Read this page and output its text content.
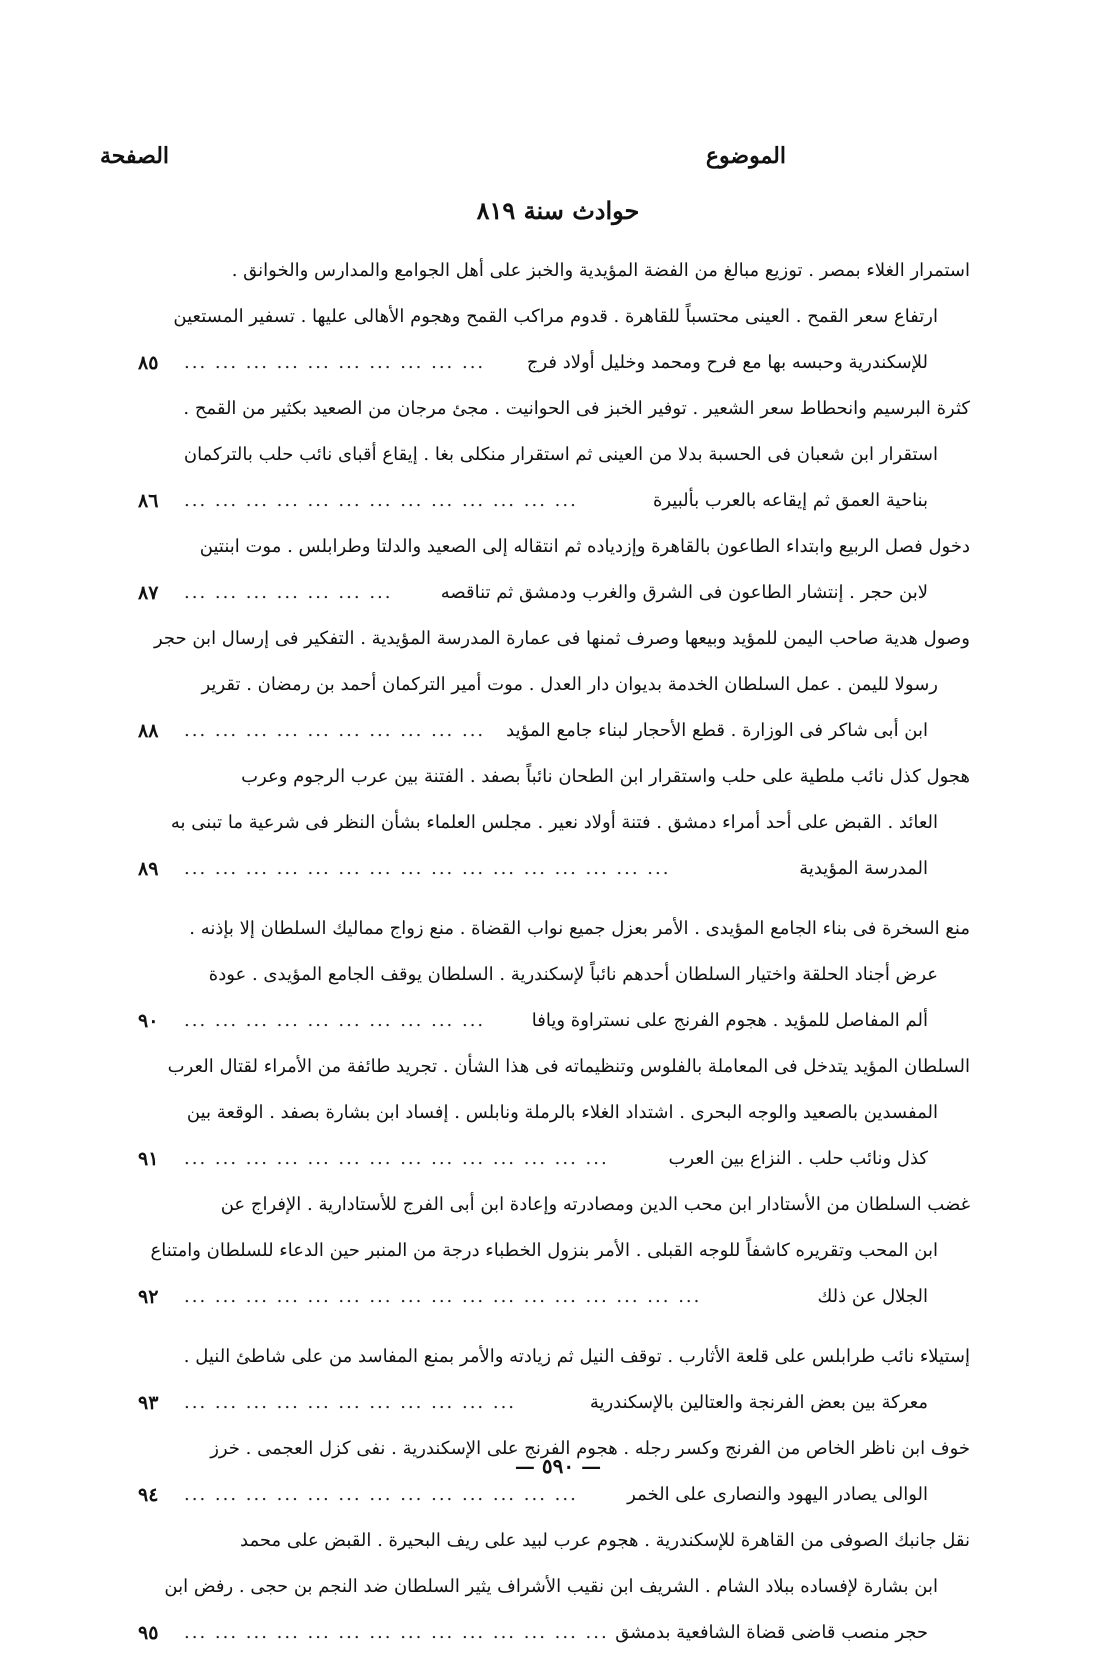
الموضوع
الصفحة
حوادث سنة ٨١٩
استمرار الغلاء بمصر . توزيع مبالغ من الفضة المؤيدية والخبز على أهل الجوامع والمدارس والخوانق .
ارتفاع سعر القمح . العينى محتسباً للقاهرة . قدوم مراكب القمح وهجوم الأهالى عليها . تسفير المستعين
للإسكندرية وحبسه بها مع فرح ومحمد وخليل أولاد فرج
... ... ... ... ... ... ... ... ... ...
٨٥
كثرة البرسيم وانحطاط سعر الشعير . توفير الخبز فى الحوانيت . مجئ مرجان من الصعيد بكثير من القمح .
استقرار ابن شعبان فى الحسبة بدلا من العينى ثم استقرار منكلى بغا . إيقاع أقباى نائب حلب بالتركمان
بناحية العمق ثم إيقاعه بالعرب بألبيرة
... ... ... ... ... ... ... ... ... ... ... ... ...
٨٦
دخول فصل الربيع وابتداء الطاعون بالقاهرة وإزدياده ثم انتقاله إلى الصعيد والدلتا وطرابلس . موت ابنتين
لابن حجر . إنتشار الطاعون فى الشرق والغرب ودمشق ثم تناقصه
... ... ... ... ... ... ...
٨٧
وصول هدية صاحب اليمن للمؤيد وبيعها وصرف ثمنها فى عمارة المدرسة المؤيدية . التفكير فى إرسال ابن حجر
رسولا لليمن . عمل السلطان الخدمة بديوان دار العدل . موت أمير التركمان أحمد بن رمضان . تقرير
ابن أبى شاكر فى الوزارة . قطع الأحجار لبناء جامع المؤيد
... ... ... ... ... ... ... ... ... ...
٨٨
هجول كذل نائب ملطية على حلب واستقرار ابن الطحان نائباً بصفد . الفتنة بين عرب الرجوم وعرب
العائد . القبض على أحد أمراء دمشق . فتنة أولاد نعير . مجلس العلماء بشأن النظر فى شرعية ما تبنى به
المدرسة المؤيدية
... ... ... ... ... ... ... ... ... ... ... ... ... ... ... ...
٨٩
منع السخرة فى بناء الجامع المؤيدى . الأمر بعزل جميع نواب القضاة . منع زواج مماليك السلطان إلا بإذنه .
عرض أجناد الحلقة واختيار السلطان أحدهم نائباً لإسكندرية . السلطان يوقف الجامع المؤيدى . عودة
ألم المفاصل للمؤيد . هجوم الفرنج على نستراوة ويافا
... ... ... ... ... ... ... ... ... ...
٩٠
السلطان المؤيد يتدخل فى المعاملة بالفلوس وتنظيماته فى هذا الشأن . تجريد طائفة من الأمراء لقتال العرب
المفسدين بالصعيد والوجه البحرى . اشتداد الغلاء بالرملة ونابلس . إفساد ابن بشارة بصفد . الوقعة بين
كذل ونائب حلب . النزاع بين العرب
... ... ... ... ... ... ... ... ... ... ... ... ... ...
٩١
غضب السلطان من الأستادار ابن محب الدين ومصادرته وإعادة ابن أبى الفرج للأستادارية . الإفراج عن
ابن المحب وتقريره كاشفاً للوجه القبلى . الأمر بنزول الخطباء درجة من المنبر حين الدعاء للسلطان وامتناع
الجلال عن ذلك
... ... ... ... ... ... ... ... ... ... ... ... ... ... ... ... ...
٩٢
إستيلاء نائب طرابلس على قلعة الأثارب . توقف النيل ثم زيادته والأمر بمنع المفاسد من على شاطئ النيل .
معركة بين بعض الفرنجة والعتالين بالإسكندرية
... ... ... ... ... ... ... ... ... ... ...
٩٣
خوف ابن ناظر الخاص من الفرنج وكسر رجله . هجوم الفرنج على الإسكندرية . نفى كزل العجمى . خرز
الوالى يصادر اليهود والنصارى على الخمر
... ... ... ... ... ... ... ... ... ... ... ... ...
٩٤
نقل جانبك الصوفى من القاهرة للإسكندرية . هجوم عرب لبيد على ريف البحيرة . القبض على محمد
ابن بشارة لإفساده ببلاد الشام . الشريف ابن نقيب الأشراف يثير السلطان ضد النجم بن حجى . رفض ابن
حجر منصب قاضى قضاة الشافعية بدمشق
... ... ... ... ... ... ... ... ... ... ... ... ... ...
٩٥
— ٥٩٠ —
